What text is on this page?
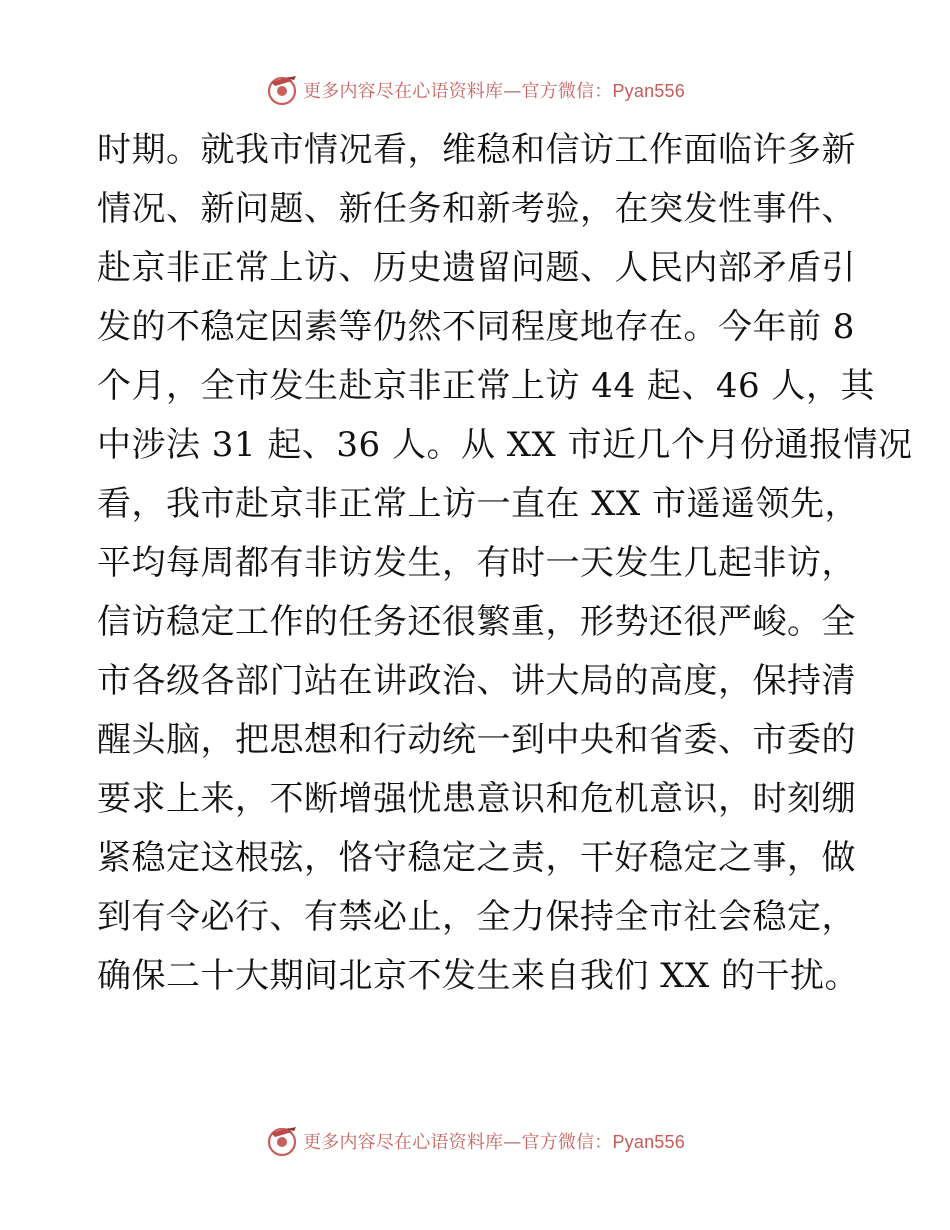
更多内容尽在心语资料库—官方微信：Pyan556
时期。就我市情况看，维稳和信访工作面临许多新
情况、新问题、新任务和新考验，在突发性事件、
赴京非正常上访、历史遗留问题、人民内部矛盾引
发的不稳定因素等仍然不同程度地存在。今年前 8
个月，全市发生赴京非正常上访 44 起、46 人，其
中涉法 31 起、36 人。从 XX 市近几个月份通报情况
看，我市赴京非正常上访一直在 XX 市遥遥领先，
平均每周都有非访发生，有时一天发生几起非访，
信访稳定工作的任务还很繁重，形势还很严峻。全
市各级各部门站在讲政治、讲大局的高度，保持清
醒头脑，把思想和行动统一到中央和省委、市委的
要求上来，不断增强忧患意识和危机意识，时刻绷
紧稳定这根弦，恪守稳定之责，干好稳定之事，做
到有令必行、有禁必止，全力保持全市社会稳定，
确保二十大期间北京不发生来自我们 XX 的干扰。
更多内容尽在心语资料库—官方微信：Pyan556
